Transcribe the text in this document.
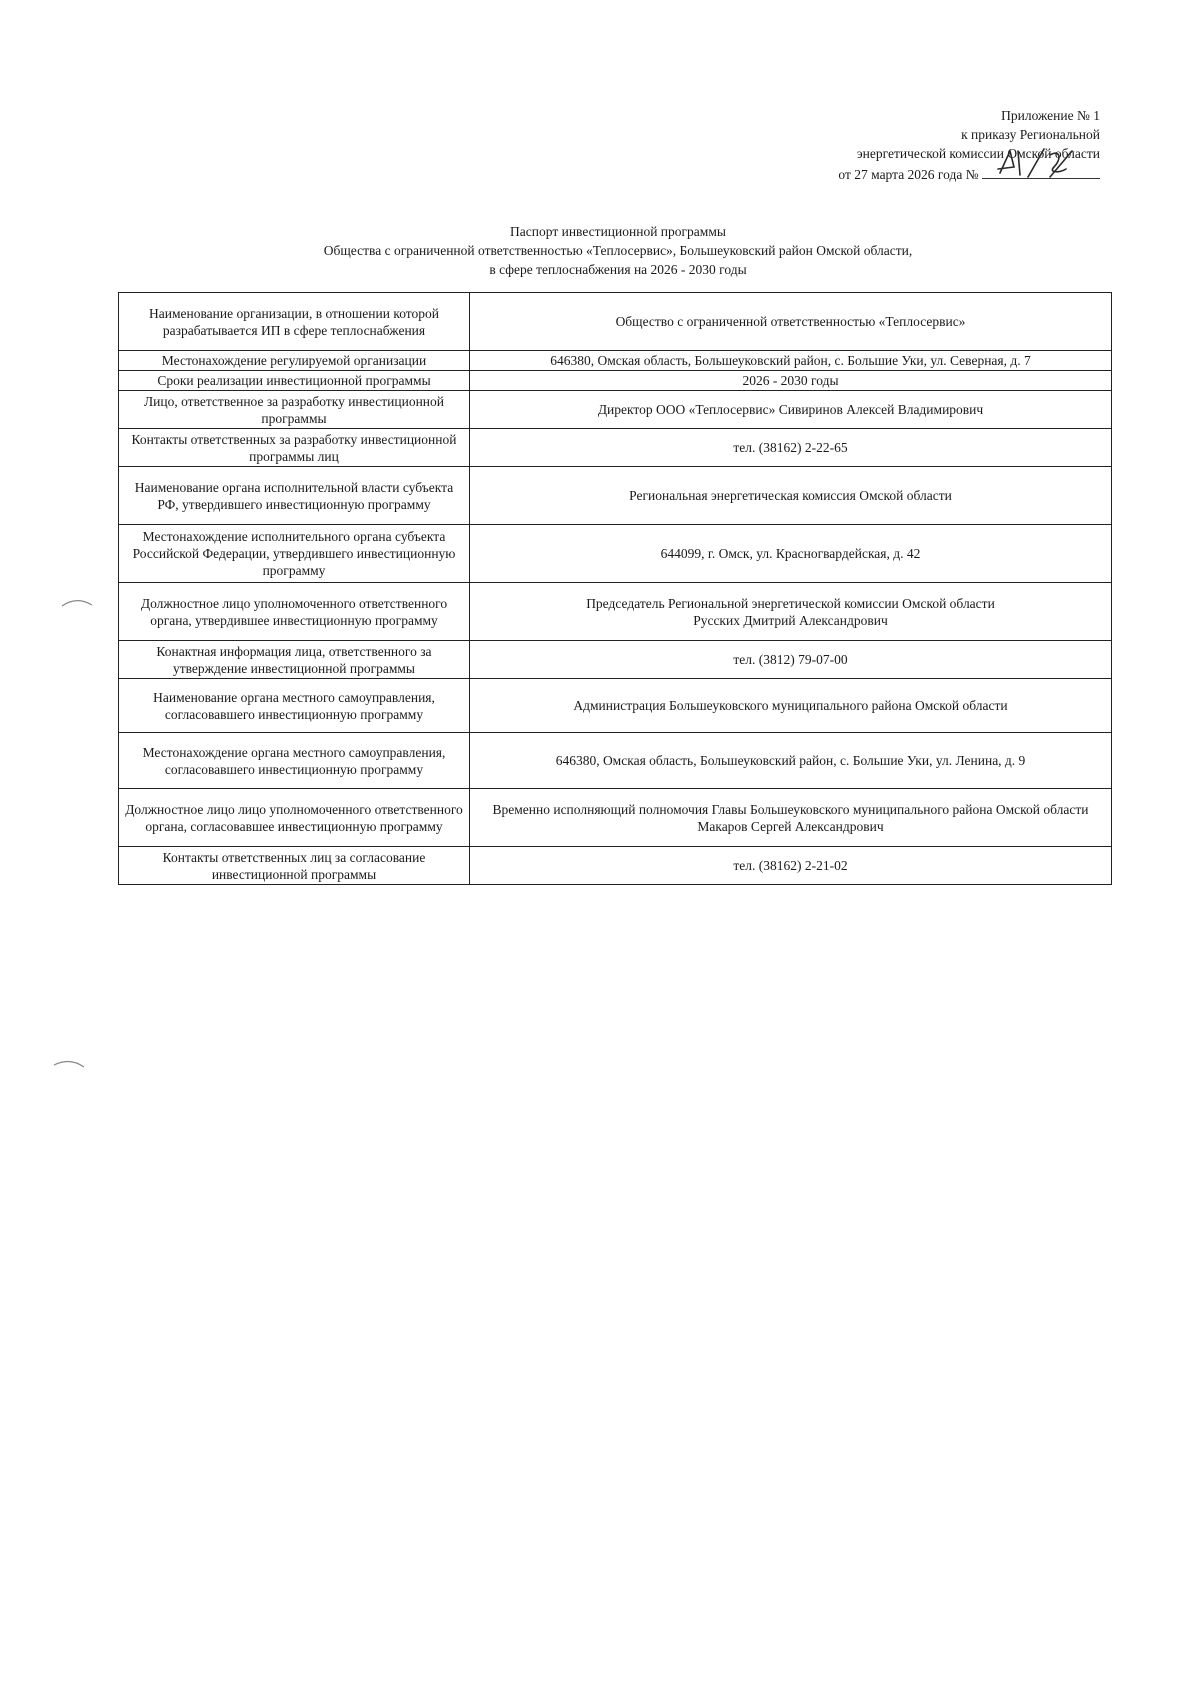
Приложение № 1
к приказу Региональной
энергетической комиссии Омской области
от 27 марта 2026 года №
Паспорт инвестиционной программы
Общества с ограниченной ответственностью «Теплосервис», Большеуковский район Омской области,
в сфере теплоснабжения на 2026 - 2030 годы
Наименование организации, в отношении которой разрабатывается ИП в сфере теплоснабжения	Общество с ограниченной ответственностью «Теплосервис»
Местонахождение регулируемой организации	646380, Омская область, Большеуковский район, с. Большие Уки, ул. Северная, д. 7
Сроки реализации инвестиционной программы	2026 - 2030 годы
Лицо, ответственное за разработку инвестиционной программы	Директор ООО «Теплосервис» Сивиринов Алексей Владимирович
Контакты ответственных за разработку инвестиционной программы лиц	тел. (38162) 2-22-65
Наименование органа исполнительной власти субъекта РФ, утвердившего инвестиционную программу	Региональная энергетическая комиссия Омской области
Местонахождение исполнительного органа субъекта Российской Федерации, утвердившего инвестиционную программу	644099, г. Омск, ул. Красногвардейская, д. 42
Должностное лицо уполномоченного ответственного органа, утвердившее инвестиционную программу	Председатель Региональной энергетической комиссии Омской области
Русских Дмитрий Александрович

Конактная информация лица, ответственного за утверждение инвестиционной программы	тел. (3812) 79-07-00
Наименование органа местного самоуправления, согласовавшего инвестиционную программу	Администрация Большеуковского муниципального района Омской области
Местонахождение органа местного самоуправления, согласовавшего инвестиционную программу	646380, Омская область, Большеуковский район, с. Большие Уки, ул. Ленина, д. 9
Должностное лицо лицо уполномоченного ответственного органа, согласовавшее инвестиционную программу	Временно исполняющий полномочия Главы Большеуковского муниципального района Омской области Макаров Сергей Александрович
Контакты ответственных лиц за согласование инвестиционной программы	тел. (38162) 2-21-02
